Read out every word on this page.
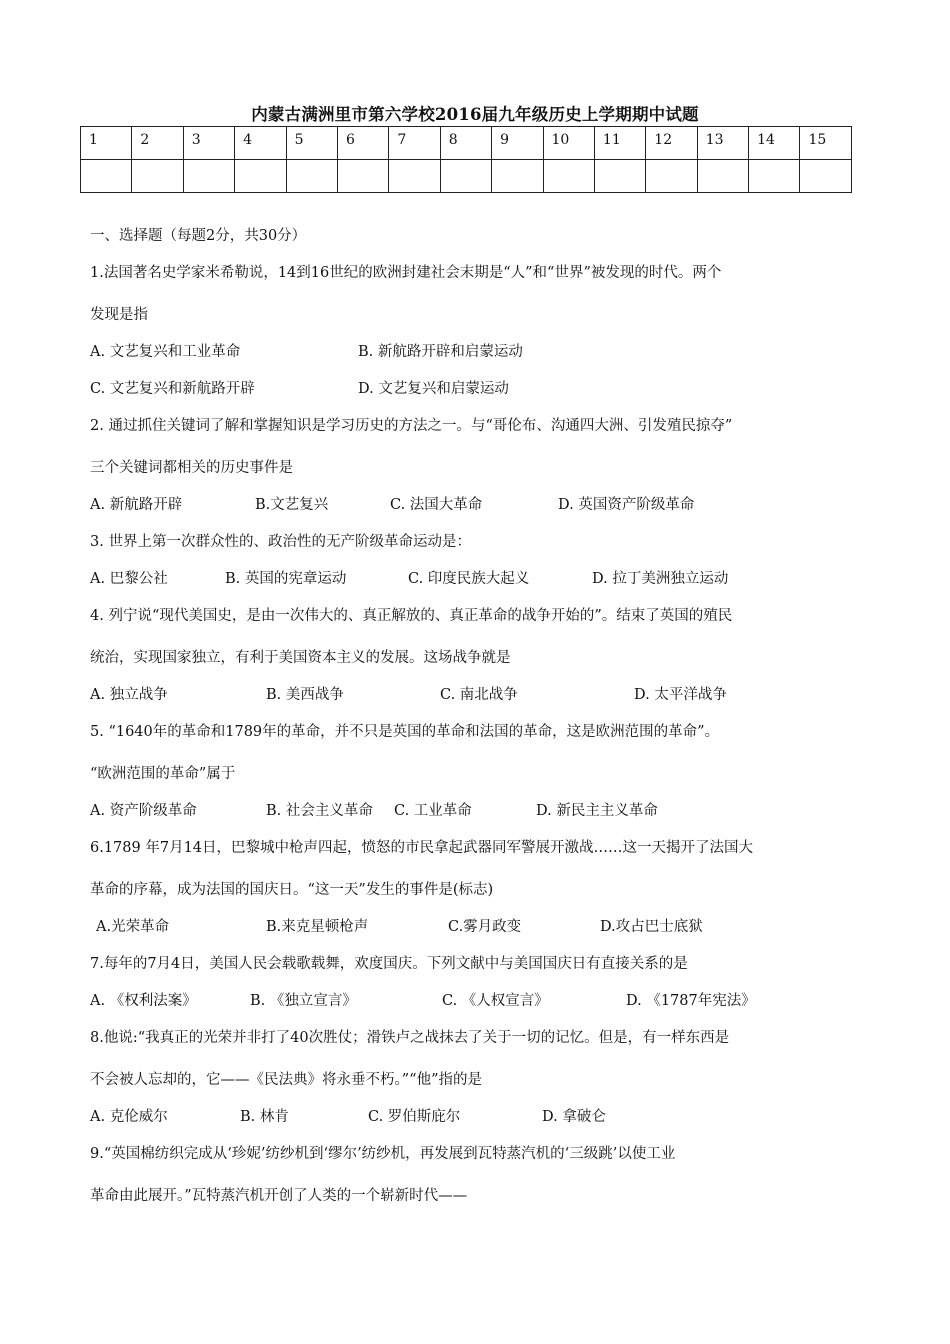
内蒙古满洲里市第六学校2016届九年级历史上学期期中试题
1	2	3	4	5	6	7	8	9	10	11	12	13	14	15

一、选择题（每题2分，共30分）
1.法国著名史学家米希勒说，14到16世纪的欧洲封建社会末期是“人”和“世界”被发现的时代。两个
发现是指
A. 文艺复兴和工业革命	B. 新航路开辟和启蒙运动
C. 文艺复兴和新航路开辟	D. 文艺复兴和启蒙运动
2. 通过抓住关键词了解和掌握知识是学习历史的方法之一。与“哥伦布、沟通四大洲、引发殖民掠夺”
三个关键词都相关的历史事件是
A. 新航路开辟	B.文艺复兴	C. 法国大革命	D. 英国资产阶级革命
3. 世界上第一次群众性的、政治性的无产阶级革命运动是：
A. 巴黎公社	B. 英国的宪章运动	C. 印度民族大起义	D. 拉丁美洲独立运动
4. 列宁说“现代美国史，是由一次伟大的、真正解放的、真正革命的战争开始的”。结束了英国的殖民
统治，实现国家独立，有利于美国资本主义的发展。这场战争就是
A. 独立战争	B. 美西战争	C. 南北战争	D. 太平洋战争
5. “1640年的革命和1789年的革命，并不只是英国的革命和法国的革命，这是欧洲范围的革命”。
“欧洲范围的革命”属于
A. 资产阶级革命	B. 社会主义革命 C. 工业革命	D. 新民主主义革命
6.1789 年7月14日，巴黎城中枪声四起，愤怒的市民拿起武器同军警展开激战……这一天揭开了法国大
革命的序幕，成为法国的国庆日。“这一天”发生的事件是(标志)
A.光荣革命	B.来克星顿枪声	C.雾月政变	D.攻占巴士底狱
7.每年的7月4日，美国人民会载歌载舞，欢度国庆。下列文献中与美国国庆日有直接关系的是
A. 《权利法案》	B. 《独立宣言》	C. 《人权宣言》	D. 《1787年宪法》
8.他说:“我真正的光荣并非打了40次胜仗；滑铁卢之战抹去了关于一切的记忆。但是，有一样东西是
不会被人忘却的，它——《民法典》将永垂不朽。”“他”指的是
A. 克伦威尔	B. 林肯	C. 罗伯斯庇尔	D. 拿破仑
9.“英国棉纺织完成从‘珍妮’纺纱机到‘缪尔’纺纱机，再发展到瓦特蒸汽机的‘三级跳’以使工业
革命由此展开。”瓦特蒸汽机开创了人类的一个崭新时代——
